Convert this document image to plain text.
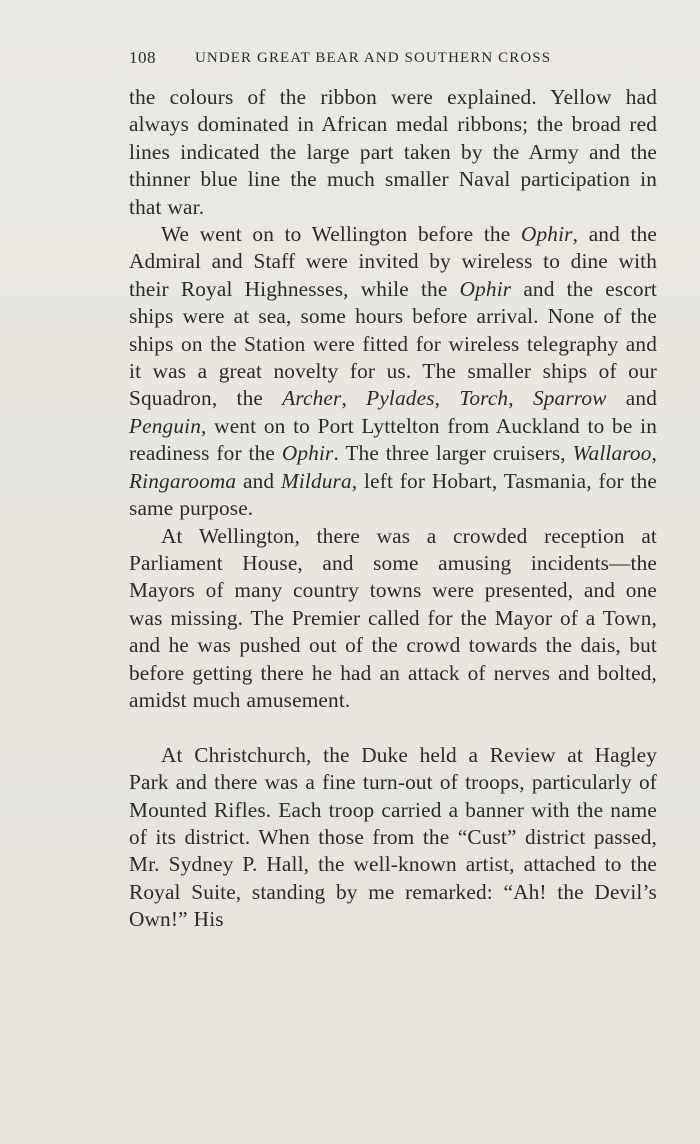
108	UNDER GREAT BEAR AND SOUTHERN CROSS

the colours of the ribbon were explained. Yellow had always dominated in African medal ribbons; the broad red lines indicated the large part taken by the Army and the thinner blue line the much smaller Naval participation in that war.

We went on to Wellington before the Ophir, and the Admiral and Staff were invited by wireless to dine with their Royal Highnesses, while the Ophir and the escort ships were at sea, some hours before arrival. None of the ships on the Station were fitted for wireless telegraphy and it was a great novelty for us. The smaller ships of our Squadron, the Archer, Pylades, Torch, Sparrow and Penguin, went on to Port Lyttelton from Auckland to be in readiness for the Ophir. The three larger cruisers, Wallaroo, Ringarooma and Mildura, left for Hobart, Tasmania, for the same purpose.

At Wellington, there was a crowded reception at Parliament House, and some amusing incidents—the Mayors of many country towns were presented, and one was missing. The Premier called for the Mayor of a Town, and he was pushed out of the crowd towards the dais, but before getting there he had an attack of nerves and bolted, amidst much amusement.

At Christchurch, the Duke held a Review at Hagley Park and there was a fine turn-out of troops, particularly of Mounted Rifles. Each troop carried a banner with the name of its district. When those from the “Cust” district passed, Mr. Sydney P. Hall, the well-known artist, attached to the Royal Suite, standing by me remarked: “Ah! the Devil’s Own!” His
